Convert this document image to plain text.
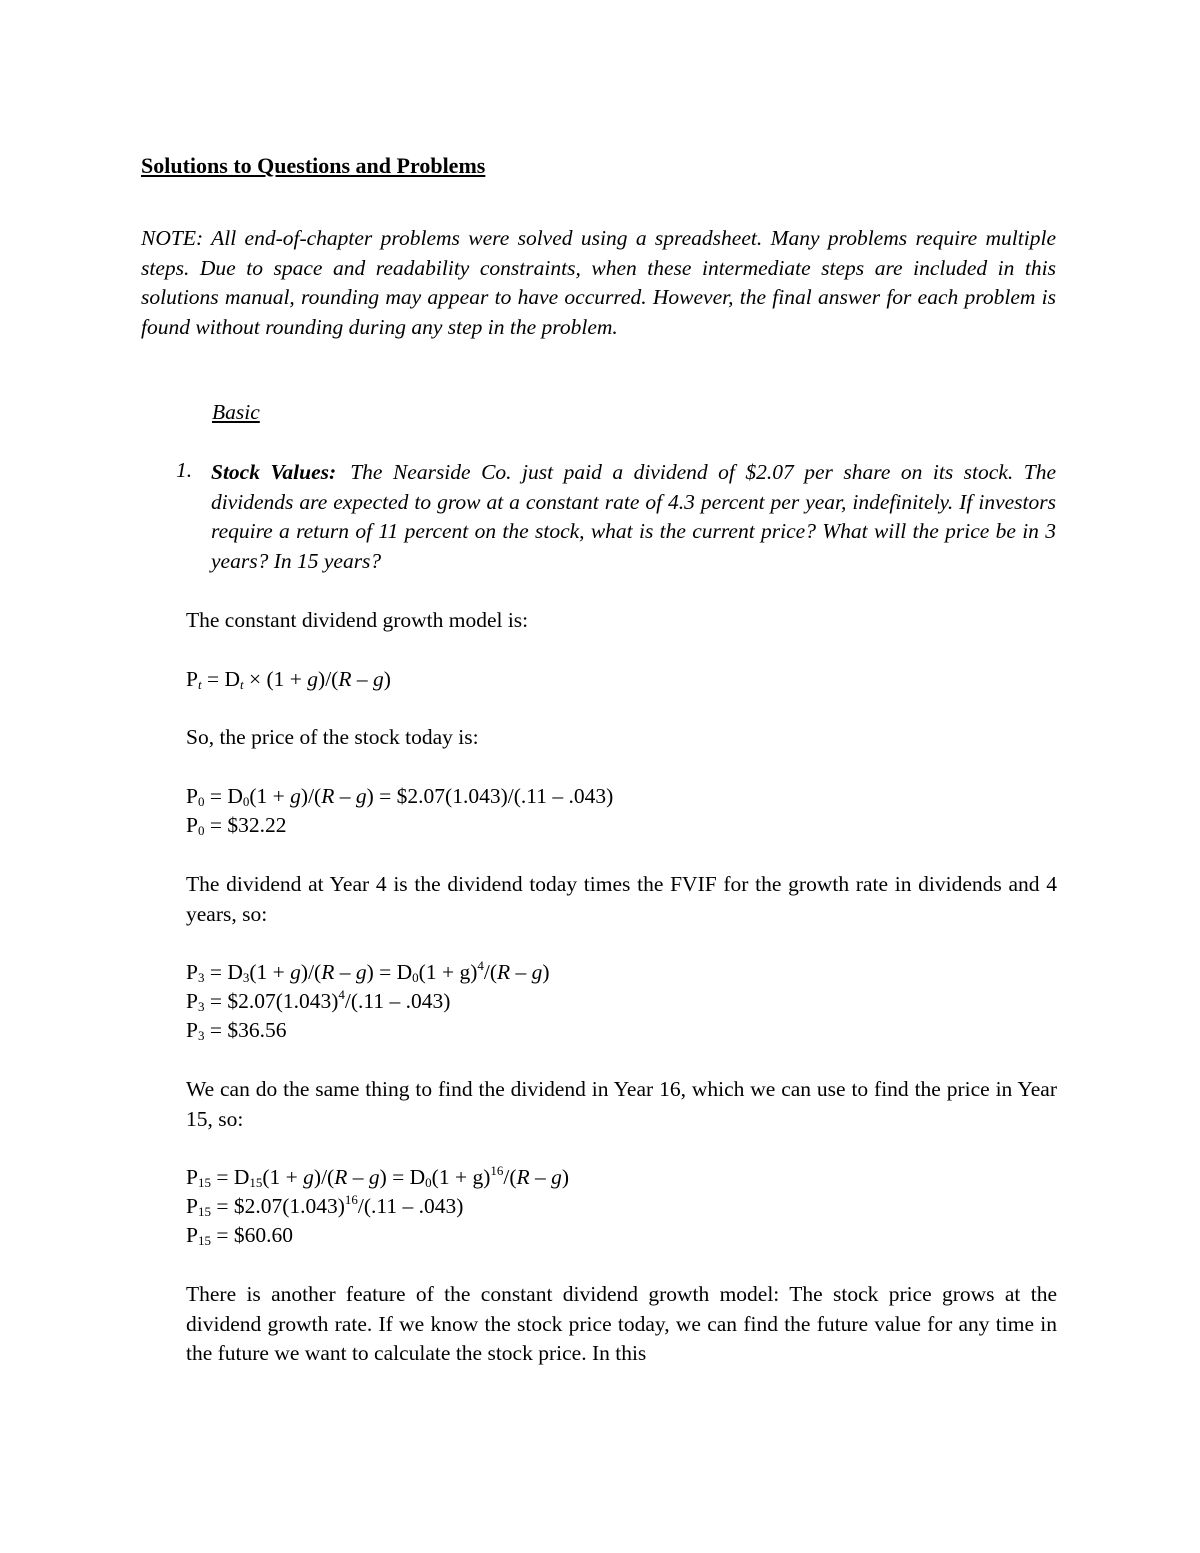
Solutions to Questions and Problems
NOTE: All end-of-chapter problems were solved using a spreadsheet. Many problems require multiple steps. Due to space and readability constraints, when these intermediate steps are included in this solutions manual, rounding may appear to have occurred. However, the final answer for each problem is found without rounding during any step in the problem.
Basic
1. Stock Values: The Nearside Co. just paid a dividend of $2.07 per share on its stock. The dividends are expected to grow at a constant rate of 4.3 percent per year, indefinitely. If investors require a return of 11 percent on the stock, what is the current price? What will the price be in 3 years? In 15 years?
The constant dividend growth model is:
$P_t = D_t \times (1 + g)/(R - g)$
So, the price of the stock today is:
$P_0 = D_0(1 + g)/(R - g)$ = $2.07(1.043)/(.11 – .043)
$P_0$ = $32.22
The dividend at Year 4 is the dividend today times the FVIF for the growth rate in dividends and 4 years, so:
$P_3 = D_3(1 + g)/(R - g) = D_0(1 + g)^4/(R - g)$
$P_3$ = $\$2.07(1.043)^4/(.11 - .043)$
$P_3$ = $36.56
We can do the same thing to find the dividend in Year 16, which we can use to find the price in Year 15, so:
$P_{15} = D_{15}(1 + g)/(R - g) = D_0(1 + g)^{16}/(R - g)$
$P_{15}$ = $\$2.07(1.043)^{16}/(.11 - .043)$
$P_{15}$ = $60.60
There is another feature of the constant dividend growth model: The stock price grows at the dividend growth rate. If we know the stock price today, we can find the future value for any time in the future we want to calculate the stock price. In this
